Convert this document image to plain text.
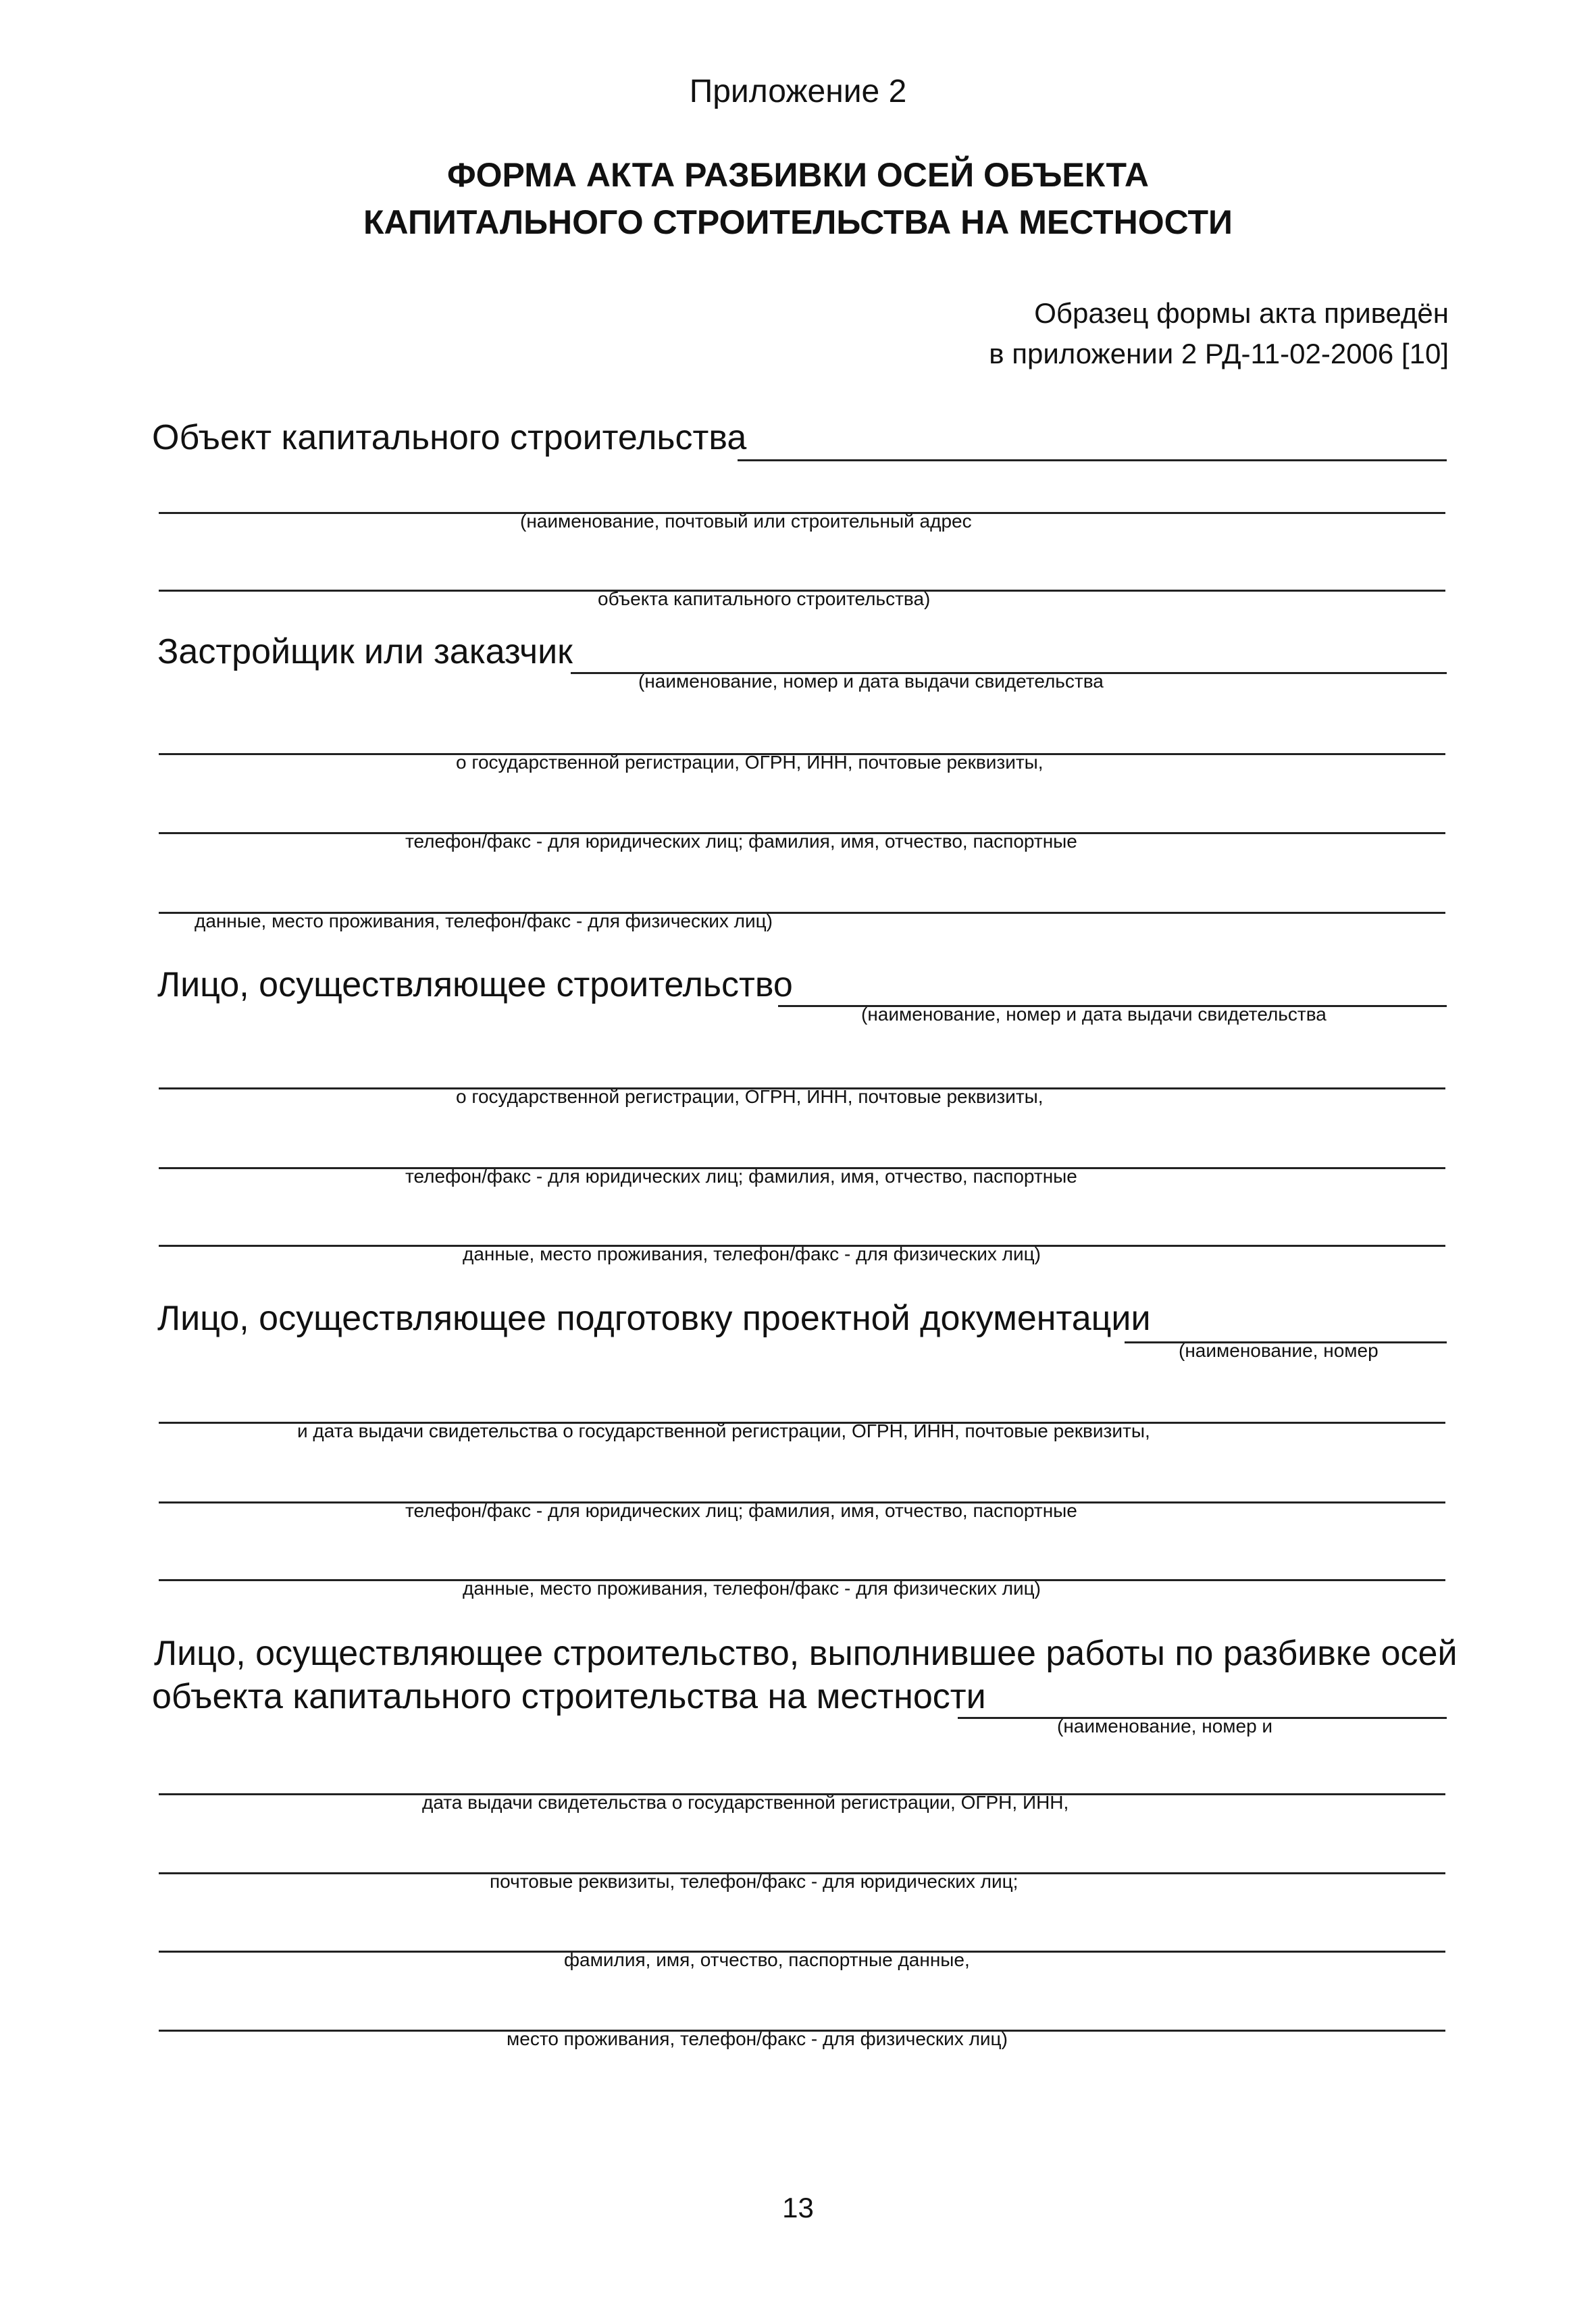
Приложение 2
ФОРМА АКТА РАЗБИВКИ ОСЕЙ ОБЪЕКТА
КАПИТАЛЬНОГО СТРОИТЕЛЬСТВА НА МЕСТНОСТИ
Образец формы акта приведён
в приложении 2 РД-11-02-2006 [10]
Объект капитального строительства
(наименование, почтовый или строительный адрес
объекта капитального строительства)
Застройщик или заказчик
(наименование, номер и дата выдачи свидетельства
о государственной регистрации, ОГРН, ИНН, почтовые реквизиты,
телефон/факс - для юридических лиц; фамилия, имя, отчество, паспортные
данные, место проживания, телефон/факс - для физических лиц)
Лицо, осуществляющее строительство
(наименование, номер и дата выдачи свидетельства
о государственной регистрации, ОГРН, ИНН, почтовые реквизиты,
телефон/факс - для юридических лиц; фамилия, имя, отчество, паспортные
данные, место проживания, телефон/факс - для физических лиц)
Лицо, осуществляющее подготовку проектной документации
(наименование, номер
и дата выдачи свидетельства о государственной регистрации, ОГРН, ИНН, почтовые реквизиты,
телефон/факс - для юридических лиц; фамилия, имя, отчество, паспортные
данные, место проживания, телефон/факс - для физических лиц)
Лицо, осуществляющее строительство, выполнившее работы по разбивке осей
объекта капитального строительства на местности
(наименование, номер и
дата выдачи свидетельства о государственной регистрации, ОГРН, ИНН,
почтовые реквизиты, телефон/факс - для юридических лиц;
фамилия, имя, отчество, паспортные данные,
место проживания, телефон/факс - для физических лиц)
13
